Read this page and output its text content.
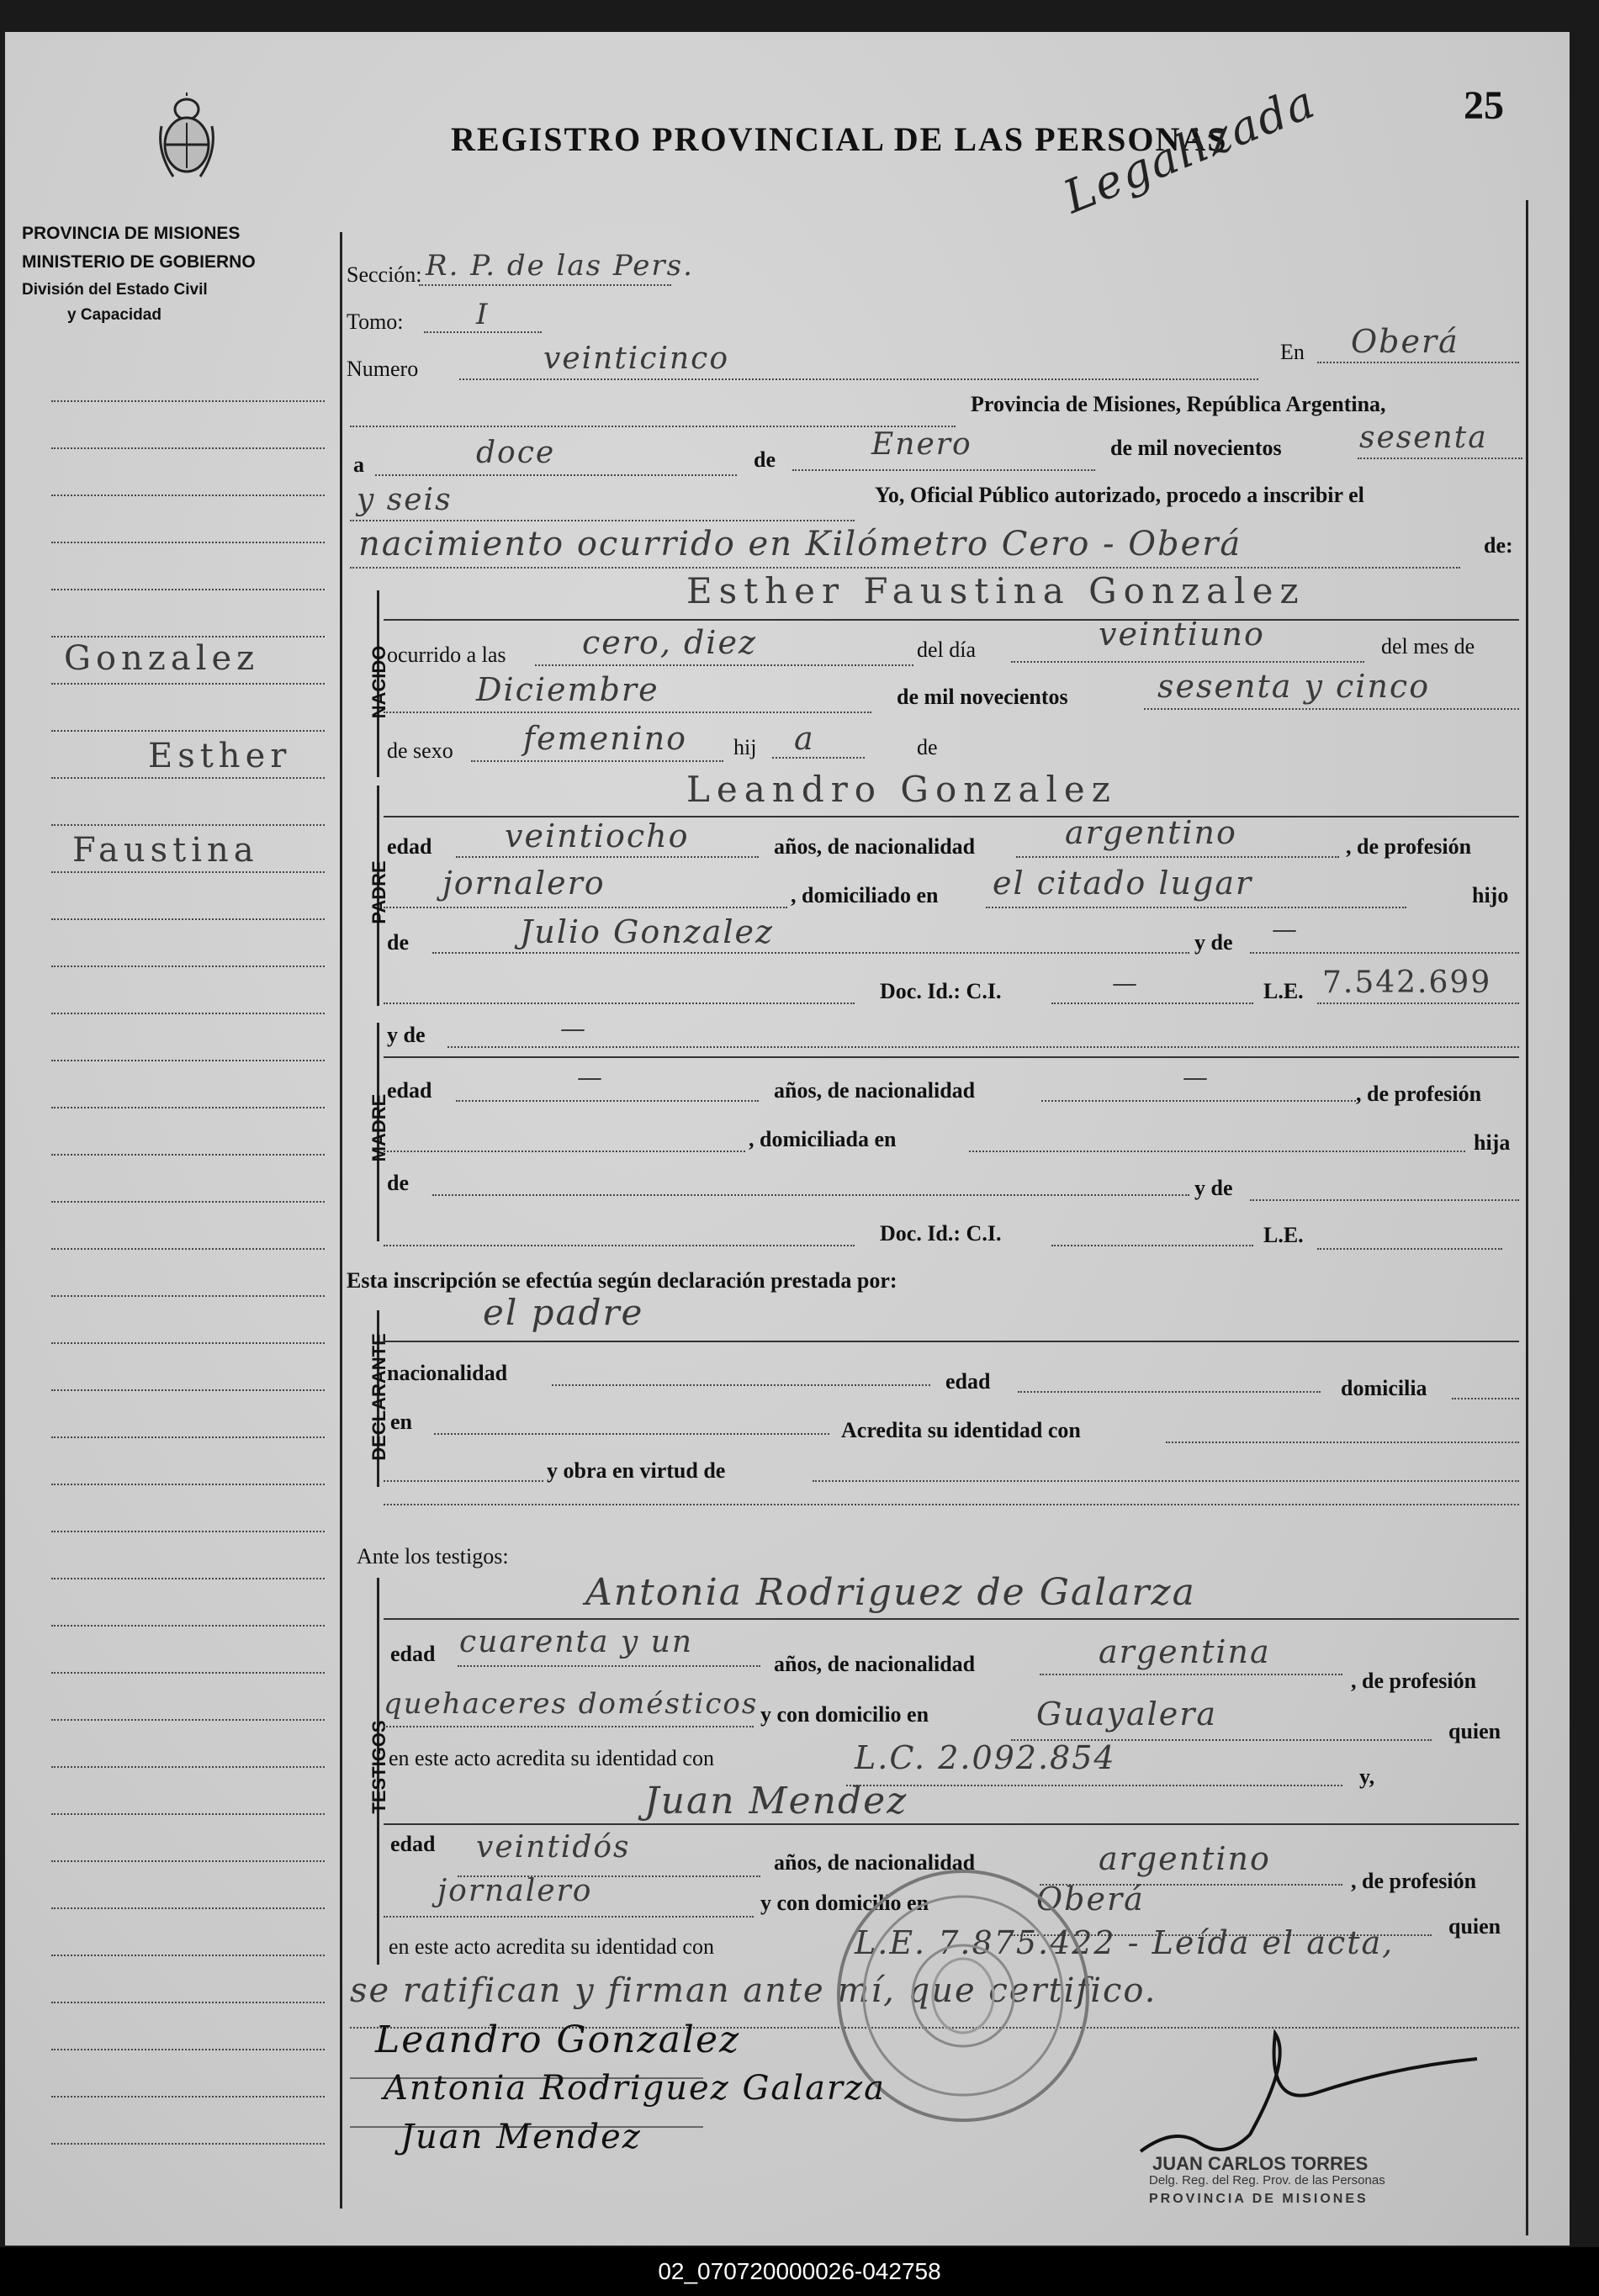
PROVINCIA DE MISIONES
MINISTERIO DE GOBIERNO
División del Estado Civil
y Capacidad
REGISTRO PROVINCIAL DE LAS PERSONAS
Legalizada	25
Gonzalez
Esther
Faustina
Sección: R. P. de las Pers.
Tomo:	I
Numero	veinticinco	En Oberá
Provincia de Misiones, República Argentina,
a	doce	de	Enero	de mil novecientos	sesenta
y seis	Yo, Oficial Público autorizado, procedo a inscribir el
nacimiento ocurrido en Kilómetro Cero - Oberá	de:
NACIDO
Esther Faustina Gonzalez
ocurrido a las cero, diez	del día	veintiuno	del mes de
Diciembre	de mil novecientos	sesenta y cinco
de sexo femenino hij a	de
PADRE
Leandro Gonzalez
edad veintiocho	años, de nacionalidad	argentino	, de profesión
jornalero	, domiciliado en el citado lugar	hijo
de	Julio Gonzalez	y de —
Doc. Id.: C.I.	—	L.E. 7.542.699
MADRE
y de	—
edad	—	años, de nacionalidad	—
, de profesión
, domiciliada en	hija
de	y de
Doc. Id.: C.I.	L.E.
Esta inscripción se efectúa según declaración prestada por:
DECLARANTE
el padre
nacionalidad	edad	domicilia
en	Acredita su identidad con
y obra en virtud de
Ante los testigos:
TESTIGOS
Antonia Rodriguez de Galarza
edad cuarenta y un
años, de nacionalidad	argentina
, de profesión
quehaceres domésticos y con domicilio en	Guayalera	quien
en este acto acredita su identidad con	L.C. 2.092.854
y,
Juan Mendez
edad veintidós	años, de nacionalidad	argentino
, de profesión
jornalero	y con domicilio en	Oberá
quien
en este acto acredita su identidad con	L.E. 7.875.422 - Leída el acta,
se ratifican y firman ante mí, que certifico.
Leandro Gonzalez
Antonia Rodriguez Galarza
Juan Mendez
JUAN CARLOS TORRES
Delg. Reg. del Reg. Prov. de las Personas
PROVINCIA DE MISIONES
02_070720000026-042758
